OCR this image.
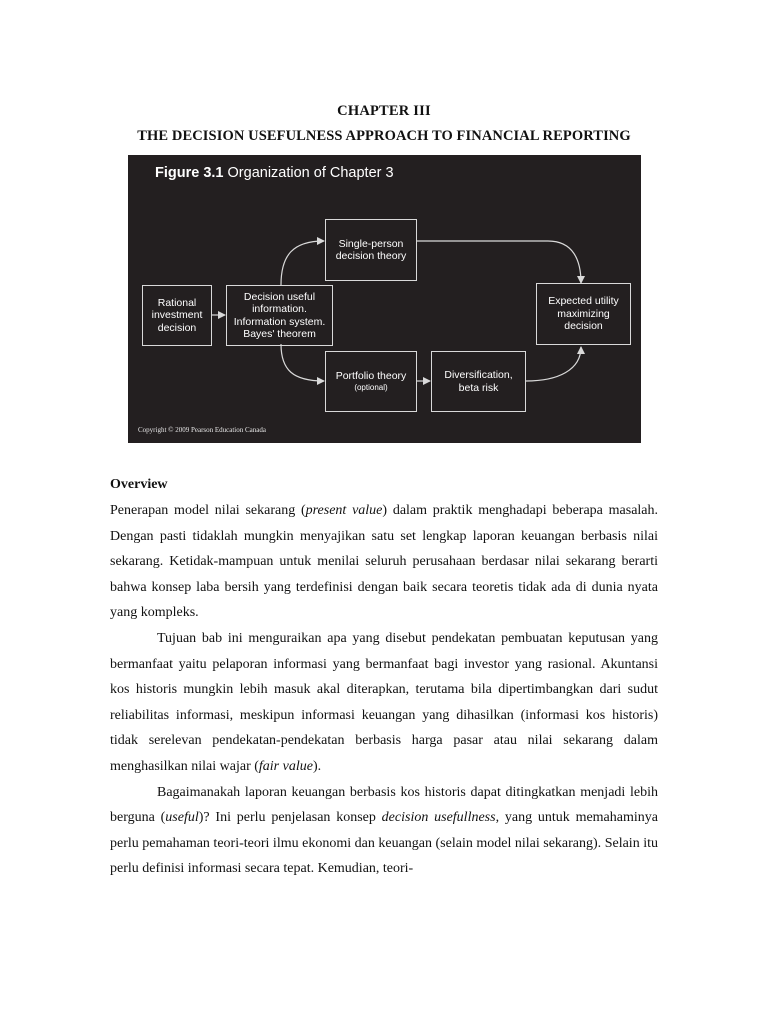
CHAPTER III
THE DECISION USEFULNESS APPROACH TO FINANCIAL REPORTING
Figure 3.1 Organization of Chapter 3
Rational
investment
decision
Decision useful
information.
Information system.
Bayes' theorem
Single-person
decision theory
Portfolio theory
(optional)
Diversification,
beta risk
Expected utility
maximizing
decision
Copyright © 2009 Pearson Education Canada
Overview

Penerapan model nilai sekarang (present value) dalam praktik menghadapi beberapa masalah. Dengan pasti tidaklah mungkin menyajikan satu set lengkap laporan keuangan berbasis nilai sekarang. Ketidak-mampuan untuk menilai seluruh perusahaan berdasar nilai sekarang berarti bahwa konsep laba bersih yang terdefinisi dengan baik secara teoretis tidak ada di dunia nyata yang kompleks.

Tujuan bab ini menguraikan apa yang disebut pendekatan pembuatan keputusan yang bermanfaat yaitu pelaporan informasi yang bermanfaat bagi investor yang rasional. Akuntansi kos historis mungkin lebih masuk akal diterapkan, terutama bila dipertimbangkan dari sudut reliabilitas informasi, meskipun informasi keuangan yang dihasilkan (informasi kos historis) tidak serelevan pendekatan-pendekatan berbasis harga pasar atau nilai sekarang dalam menghasilkan nilai wajar (fair value).

Bagaimanakah laporan keuangan berbasis kos historis dapat ditingkatkan menjadi lebih berguna (useful)? Ini perlu penjelasan konsep decision usefullness, yang untuk memahaminya perlu pemahaman teori-teori ilmu ekonomi dan keuangan (selain model nilai sekarang). Selain itu perlu definisi informasi secara tepat. Kemudian, teori-
